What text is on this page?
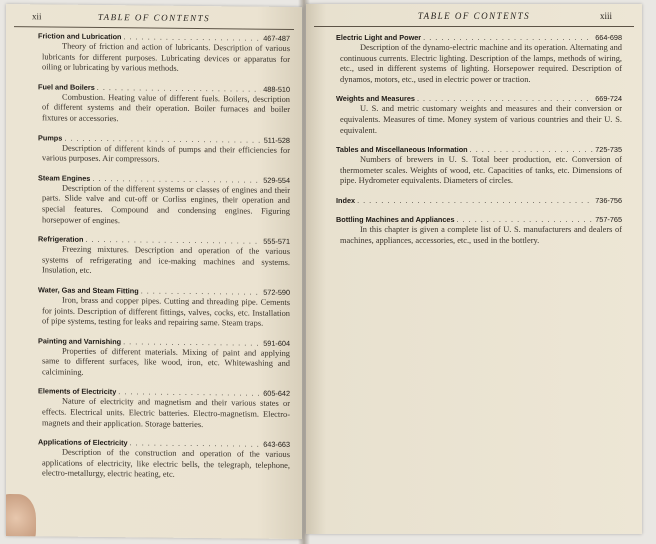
xii	TABLE OF CONTENTS
Friction and Lubrication . . .	467-487
Theory of friction and action of lubricants. Description of various lubricants for different purposes. Lubricating devices or apparatus for oiling or lubricating by various methods.
Fuel and Boilers . . .	488-510
Combustion. Heating value of different fuels. Boilers, description of different systems and their operation. Boiler furnaces and boiler fixtures or accessories.
Pumps . . .	511-528
Description of different kinds of pumps and their efficiencies for various purposes. Air compressors.
Steam Engines . . .	529-554
Description of the different systems or classes of engines and their parts. Slide valve and cut-off or Corliss engines, their operation and special features. Compound and condensing engines. Figuring horsepower of engines.
Refrigeration . . .	555-571
Freezing mixtures. Description and operation of the various systems of refrigerating and ice-making machines and systems. Insulation, etc.
Water, Gas and Steam Fitting . . .	572-590
Iron, brass and copper pipes. Cutting and threading pipe. Cements for joints. Description of different fittings, valves, cocks, etc. Installation of pipe systems, testing for leaks and repairing same. Steam traps.
Painting and Varnishing . . .	591-604
Properties of different materials. Mixing of paint and applying same to different surfaces, like wood, iron, etc. Whitewashing and calcimining.
Elements of Electricity . . .	605-642
Nature of electricity and magnetism and their various states or effects. Electrical units. Electric batteries. Electro-magnetism. Electro-magnets and their application. Storage batteries.
Applications of Electricity . . .	643-663
Description of the construction and operation of the various applications of electricity, like electric bells, the telegraph, telephone, electro-metallurgy, electric heating, etc.
TABLE OF CONTENTS	xiii
Electric Light and Power . . .	664-698
Description of the dynamo-electric machine and its operation. Alternating and continuous currents. Electric lighting. Description of the lamps, methods of wiring, etc., used in different systems of lighting. Horsepower required. Description of dynamos, motors, etc., used in electric power or traction.
Weights and Measures . . .	669-724
U. S. and metric customary weights and measures and their conversion or equivalents. Measures of time. Money system of various countries and their U. S. equivalent.
Tables and Miscellaneous Information . . .	725-735
Numbers of brewers in U. S. Total beer production, etc. Conversion of thermometer scales. Weights of wood, etc. Capacities of tanks, etc. Dimensions of pipe. Hydrometer equivalents. Diameters of circles.
Index . . .	736-756
Bottling Machines and Appliances . . .	757-765
In this chapter is given a complete list of U. S. manufacturers and dealers of machines, appliances, accessories, etc., used in the bottlery.
